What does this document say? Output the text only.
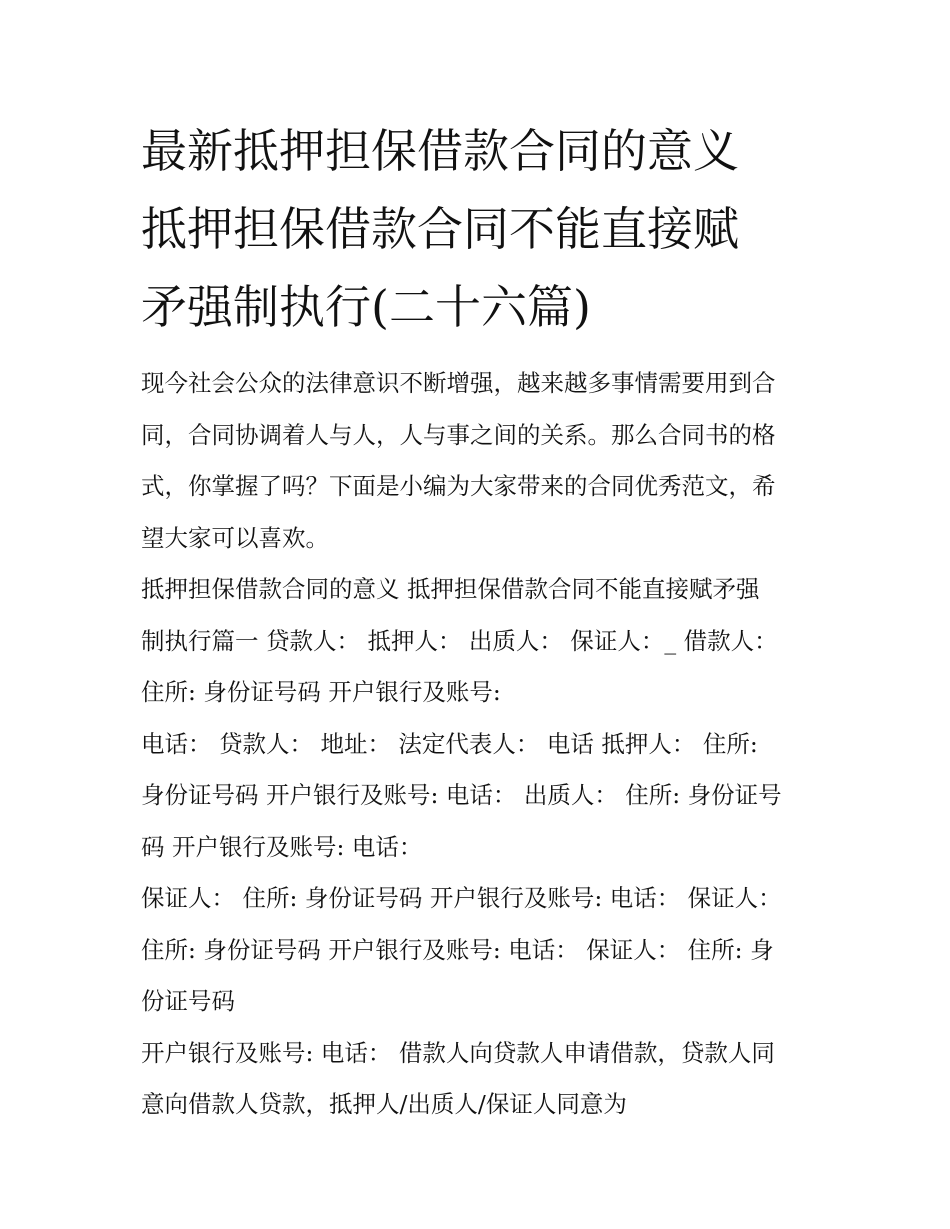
最新抵押担保借款合同的意义
抵押担保借款合同不能直接赋
矛强制执行(二十六篇)

现今社会公众的法律意识不断增强，越来越多事情需要用到合
同，合同协调着人与人，人与事之间的关系。那么合同书的格
式，你掌握了吗？下面是小编为大家带来的合同优秀范文，希
望大家可以喜欢。

抵押担保借款合同的意义 抵押担保借款合同不能直接赋矛强
制执行篇一 贷款人： 抵押人： 出质人： 保证人：_ 借款人：
住所: 身份证号码 开户银行及账号:

电话： 贷款人： 地址： 法定代表人： 电话 抵押人： 住所:
身份证号码 开户银行及账号: 电话： 出质人： 住所: 身份证号
码 开户银行及账号: 电话：

保证人： 住所: 身份证号码 开户银行及账号: 电话： 保证人：
住所: 身份证号码 开户银行及账号: 电话： 保证人： 住所: 身
份证号码

开户银行及账号: 电话： 借款人向贷款人申请借款，贷款人同
意向借款人贷款，抵押人/出质人/保证人同意为
